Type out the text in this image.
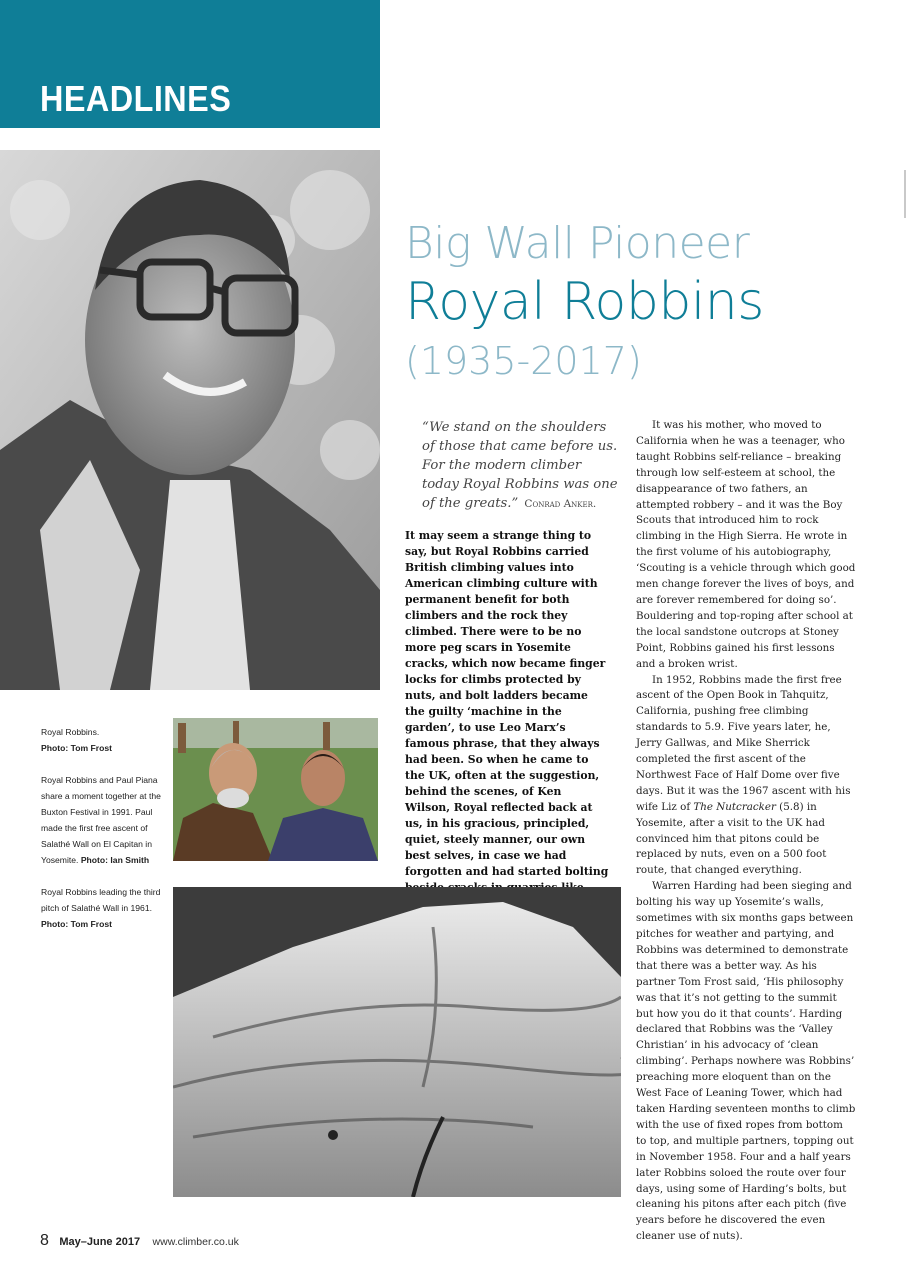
HEADLINES
Big Wall Pioneer
Royal Robbins
(1935-2017)
“We stand on the shoulders of those that came before us. For the modern climber today Royal Robbins was one of the greats.” Conrad Anker.

It may seem a strange thing to say, but Royal Robbins carried British climbing values into American climbing culture with permanent benefit for both climbers and the rock they climbed. There were to be no more peg scars in Yosemite cracks, which now became finger locks for climbs protected by nuts, and bolt ladders became the guilty ‘machine in the garden’, to use Leo Marx’s famous phrase, that they always had been. So when he came to the UK, often at the suggestion, behind the scenes, of Ken Wilson, Royal reflected back at us, in his gracious, principled, quiet, steely manner, our own best selves, in case we had forgotten and had started bolting

It was his mother, who moved to California when he was a teenager, who taught Robbins self-reliance – breaking through low self-esteem at school, the disappearance of two fathers, an attempted robbery – and it was the Boy Scouts that introduced him to rock climbing in the High Sierra. He wrote in the first volume of his autobiography, ‘Scouting is a vehicle through which good men change forever the lives of boys, and are forever remembered for doing so’. Bouldering and top-roping after school at the local sandstone outcrops at Stoney Point, Robbins gained his first lessons and a broken wrist.

In 1952, Robbins made the first free ascent of the Open Book in Tahquitz, California, pushing free climbing standards to 5.9. Five years later, he, Jerry Gallwas, and Mike Sherrick completed the first ascent of the Northwest Face of Half Dome over five days. But it was the 1967 ascent with his wife Liz of The Nutcracker (5.8) in Yosemite, after a visit to the UK had convinced him that pitons could be replaced by nuts, even on a 500 foot route, that changed everything.

Warren Harding had been sieging and bolting his way up Yosemite’s walls, sometimes with six months gaps between pitches for weather and partying, and Robbins was determined to demonstrate that there was a better way. As his partner Tom Frost said, ‘His philosophy was that it’s not getting to the summit but how you do it that counts’. Harding declared that Robbins was the ‘Valley Christian’ in his advocacy of ‘clean climbing’. Perhaps nowhere was Robbins’ preaching more eloquent than on the West Face of Leaning Tower, which had taken Harding seventeen months to climb with the use of fixed ropes from bottom to top, and multiple partners, topping out in November 1958. Four and a half years later Robbins soloed the route over four days, using some of Harding’s bolts, but cleaning his pitons after each pitch (five years before he discovered the even cleaner use of nuts).

Royal Robbins.
Photo: Tom Frost

Royal Robbins and Paul Piana share a moment together at the Buxton Festival in 1991. Paul made the first free ascent of Salathé Wall on El Capitan in Yosemite. Photo: Ian Smith

Royal Robbins leading the third pitch of Salathé Wall in 1961.
Photo: Tom Frost

8 May–June 2017 www.climber.co.uk
